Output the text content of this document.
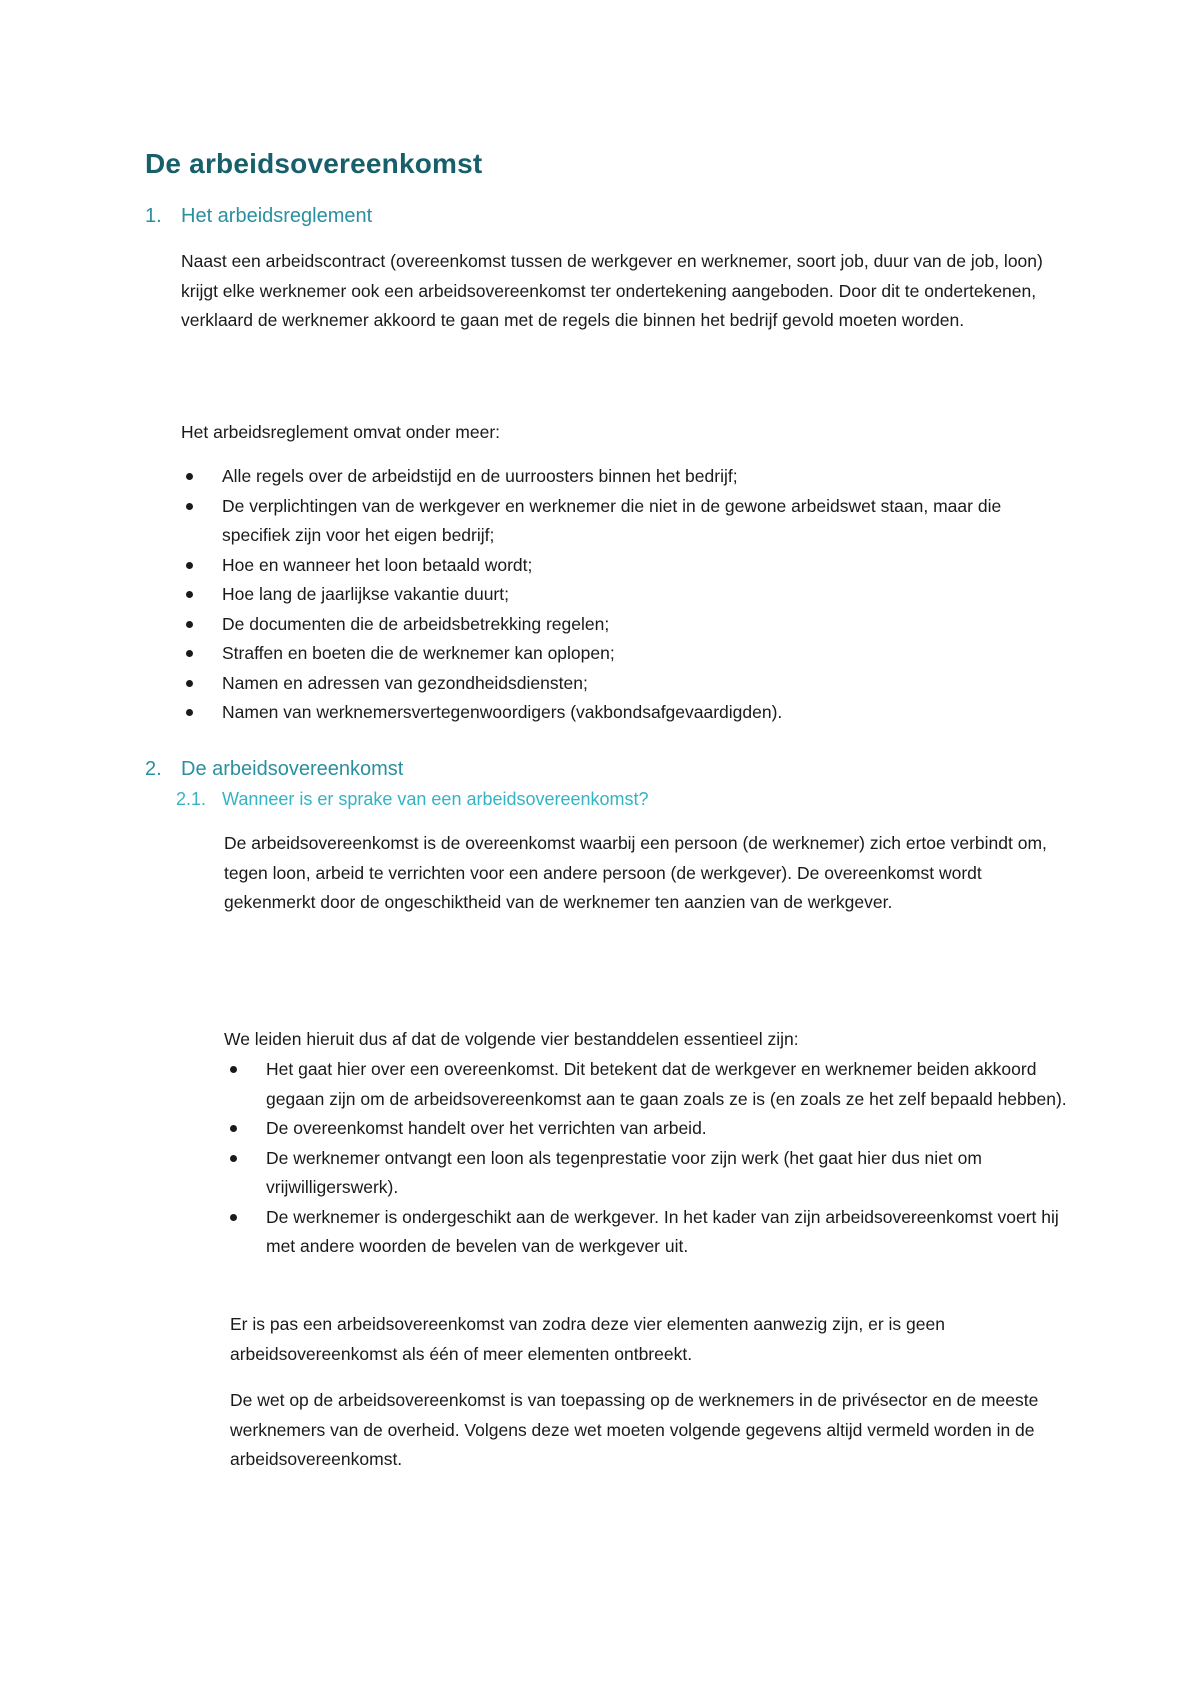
De arbeidsovereenkomst
1. Het arbeidsreglement

Naast een arbeidscontract (overeenkomst tussen de werkgever en werknemer, soort job, duur van de job, loon) krijgt elke werknemer ook een arbeidsovereenkomst ter ondertekening aangeboden. Door dit te ondertekenen, verklaard de werknemer akkoord te gaan met de regels die binnen het bedrijf gevold moeten worden.

Het arbeidsreglement omvat onder meer:

Alle regels over de arbeidstijd en de uurroosters binnen het bedrijf;
De verplichtingen van de werkgever en werknemer die niet in de gewone arbeidswet staan, maar die specifiek zijn voor het eigen bedrijf;
Hoe en wanneer het loon betaald wordt;
Hoe lang de jaarlijkse vakantie duurt;
De documenten die de arbeidsbetrekking regelen;
Straffen en boeten die de werknemer kan oplopen;
Namen en adressen van gezondheidsdiensten;
Namen van werknemersvertegenwoordigers (vakbondsafgevaardigden).
2. De arbeidsovereenkomst
2.1. Wanneer is er sprake van een arbeidsovereenkomst?

De arbeidsovereenkomst is de overeenkomst waarbij een persoon (de werknemer) zich ertoe verbindt om, tegen loon, arbeid te verrichten voor een andere persoon (de werkgever). De overeenkomst wordt gekenmerkt door de ongeschiktheid van de werknemer ten aanzien van de werkgever.

We leiden hieruit dus af dat de volgende vier bestanddelen essentieel zijn:

Het gaat hier over een overeenkomst. Dit betekent dat de werkgever en werknemer beiden akkoord gegaan zijn om de arbeidsovereenkomst aan te gaan zoals ze is (en zoals ze het zelf bepaald hebben).
De overeenkomst handelt over het verrichten van arbeid.
De werknemer ontvangt een loon als tegenprestatie voor zijn werk (het gaat hier dus niet om vrijwilligerswerk).
De werknemer is ondergeschikt aan de werkgever. In het kader van zijn arbeidsovereenkomst voert hij met andere woorden de bevelen van de werkgever uit.

Er is pas een arbeidsovereenkomst van zodra deze vier elementen aanwezig zijn, er is geen arbeidsovereenkomst als één of meer elementen ontbreekt.

De wet op de arbeidsovereenkomst is van toepassing op de werknemers in de privésector en de meeste werknemers van de overheid. Volgens deze wet moeten volgende gegevens altijd vermeld worden in de arbeidsovereenkomst.
